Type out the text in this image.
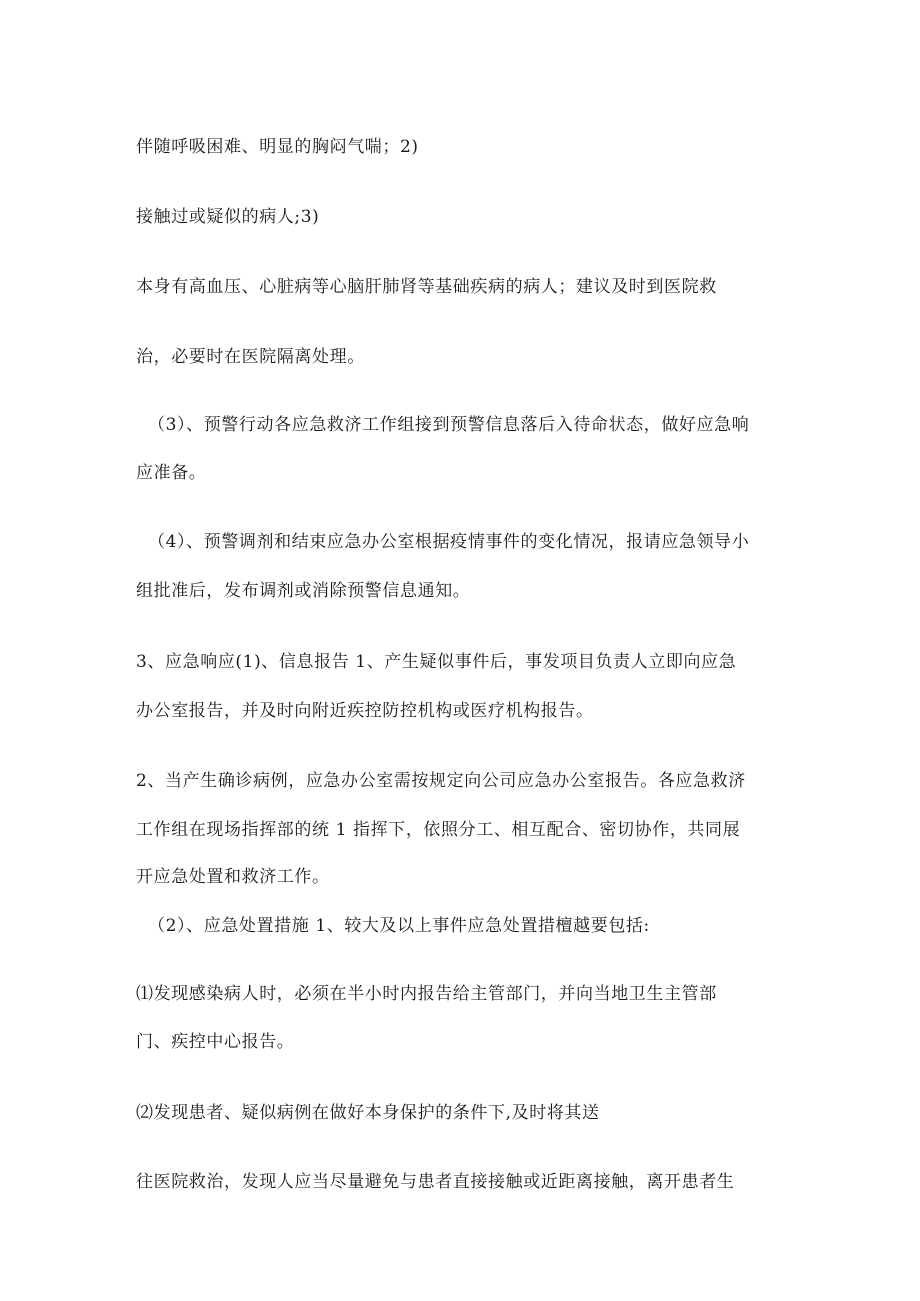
伴随呼吸困难、明显的胸闷气喘；2)
接触过或疑似的病人;3)
本身有高血压、心脏病等心脑肝肺肾等基础疾病的病人；建议及时到医院救
治，必要时在医院隔离处理。
（3）、预警行动各应急救济工作组接到预警信息落后入待命状态，做好应急响
应准备。
（4）、预警调剂和结束应急办公室根据疫情事件的变化情况，报请应急领导小
组批准后，发布调剂或消除预警信息通知。
3、应急响应(1)、信息报告 1、产生疑似事件后，事发项目负责人立即向应急
办公室报告，并及时向附近疾控防控机构或医疗机构报告。
2、当产生确诊病例，应急办公室需按规定向公司应急办公室报告。各应急救济
工作组在现场指挥部的统 1 指挥下，依照分工、相互配合、密切协作，共同展
开应急处置和救济工作。
（2）、应急处置措施 1、较大及以上事件应急处置措檀越要包括:
⑴发现感染病人时，必须在半小时内报告给主管部门，并向当地卫生主管部
门、疾控中心报告。
⑵发现患者、疑似病例在做好本身保护的条件下,及时将其送
往医院救治，发现人应当尽量避免与患者直接接触或近距离接触，离开患者生
